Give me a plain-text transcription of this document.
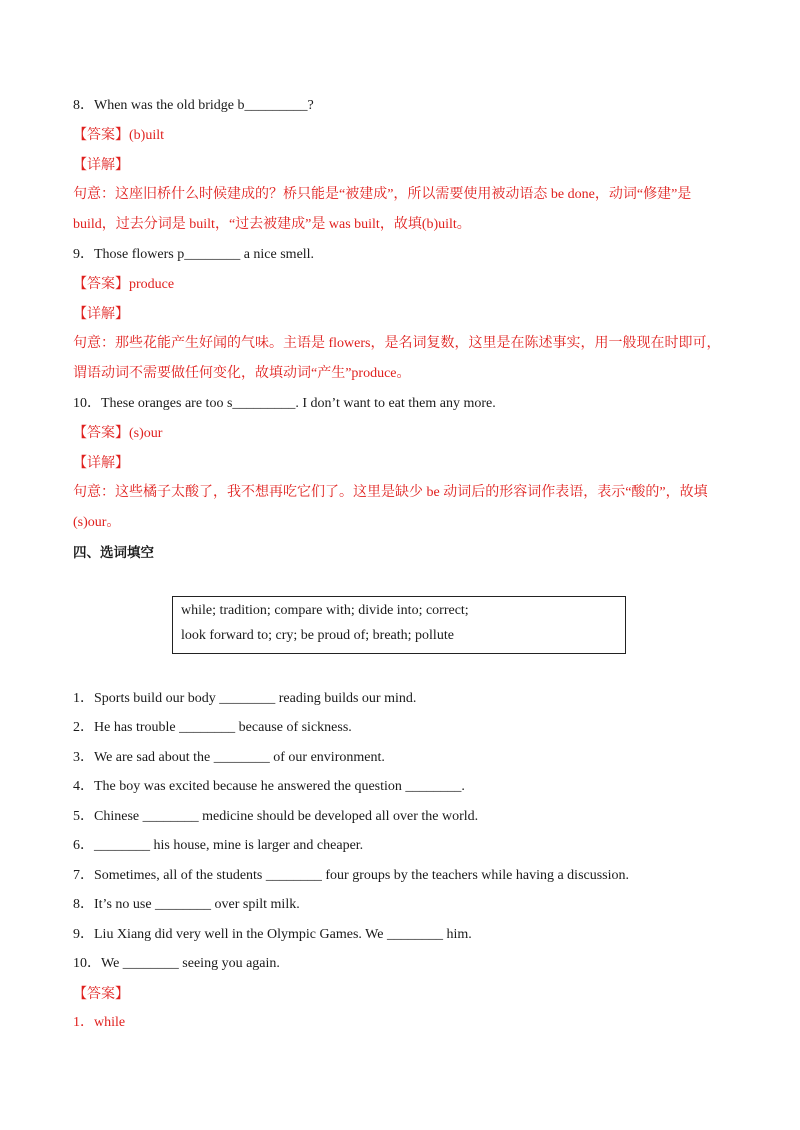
8．When was the old bridge b_________?
【答案】(b)uilt
【详解】
句意：这座旧桥什么时候建成的？桥只能是“被建成”，所以需要使用被动语态 be done，动词“修建”是
build，过去分词是 built，“过去被建成”是 was built，故填(b)uilt。
9．Those flowers p________ a nice smell.
【答案】produce
【详解】
句意：那些花能产生好闻的气味。主语是 flowers，是名词复数，这里是在陈述事实，用一般现在时即可，
谓语动词不需要做任何变化，故填动词“产生”produce。
10．These oranges are too s_________. I don’t want to eat them any more.
【答案】(s)our
【详解】
句意：这些橘子太酸了，我不想再吃它们了。这里是缺少 be 动词后的形容词作表语，表示“酸的”，故填
(s)our。
四、选词填空
while; tradition; compare with; divide into; correct;
look forward to; cry; be proud of; breath; pollute
1．Sports build our body ________ reading builds our mind.
2．He has trouble ________ because of sickness.
3．We are sad about the ________ of our environment.
4．The boy was excited because he answered the question ________.
5．Chinese ________ medicine should be developed all over the world.
6．________ his house, mine is larger and cheaper.
7．Sometimes, all of the students ________ four groups by the teachers while having a discussion.
8．It’s no use ________ over spilt milk.
9．Liu Xiang did very well in the Olympic Games. We ________ him.
10．We ________ seeing you again.
【答案】
1．while
